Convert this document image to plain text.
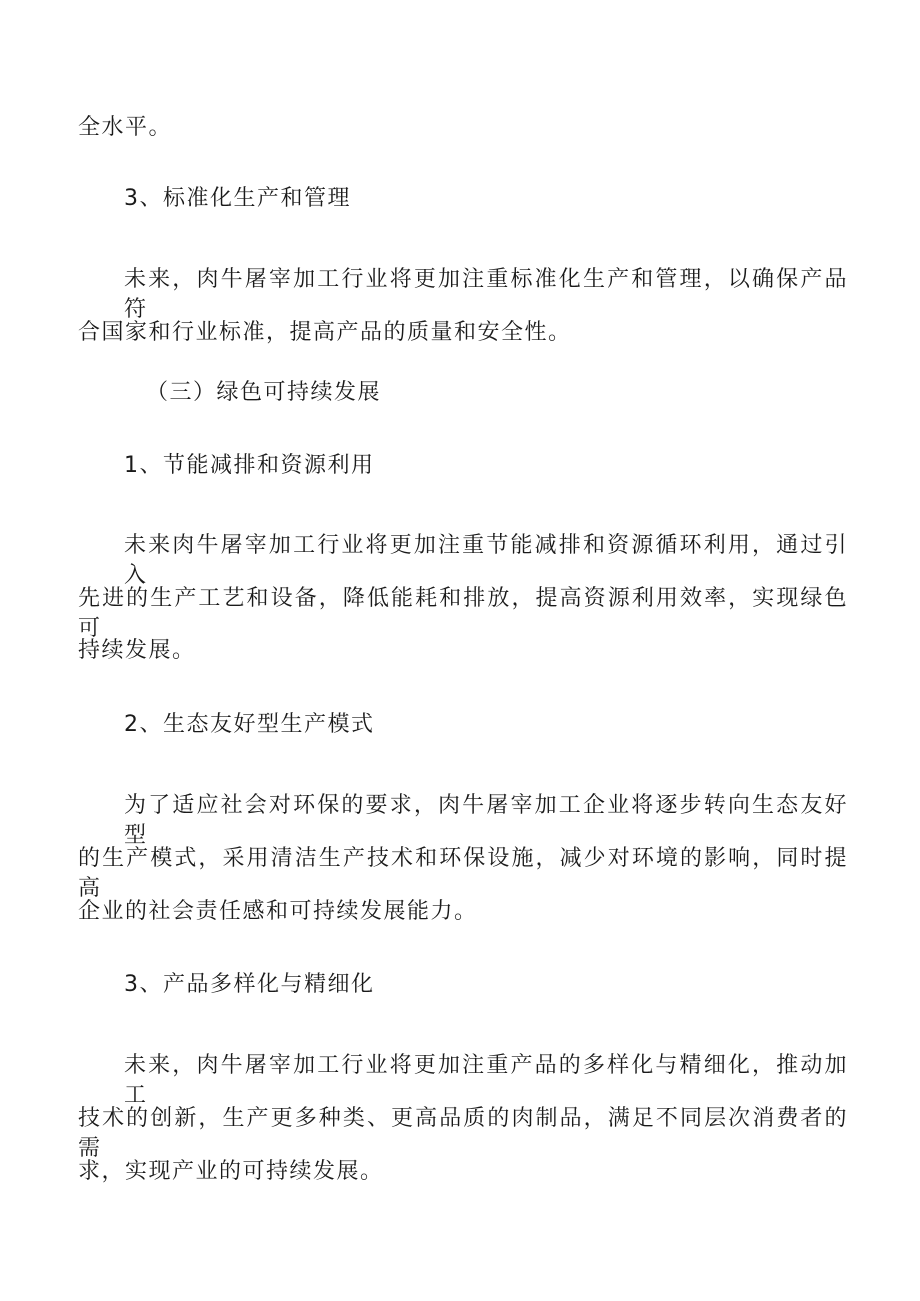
全水平。
3、标准化生产和管理
未来，肉牛屠宰加工行业将更加注重标准化生产和管理，以确保产品符
合国家和行业标准，提高产品的质量和安全性。
（三）绿色可持续发展
1、节能减排和资源利用
未来肉牛屠宰加工行业将更加注重节能减排和资源循环利用，通过引入
先进的生产工艺和设备，降低能耗和排放，提高资源利用效率，实现绿色可
持续发展。
2、生态友好型生产模式
为了适应社会对环保的要求，肉牛屠宰加工企业将逐步转向生态友好型
的生产模式，采用清洁生产技术和环保设施，减少对环境的影响，同时提高
企业的社会责任感和可持续发展能力。
3、产品多样化与精细化
未来，肉牛屠宰加工行业将更加注重产品的多样化与精细化，推动加工
技术的创新，生产更多种类、更高品质的肉制品，满足不同层次消费者的需
求，实现产业的可持续发展。
